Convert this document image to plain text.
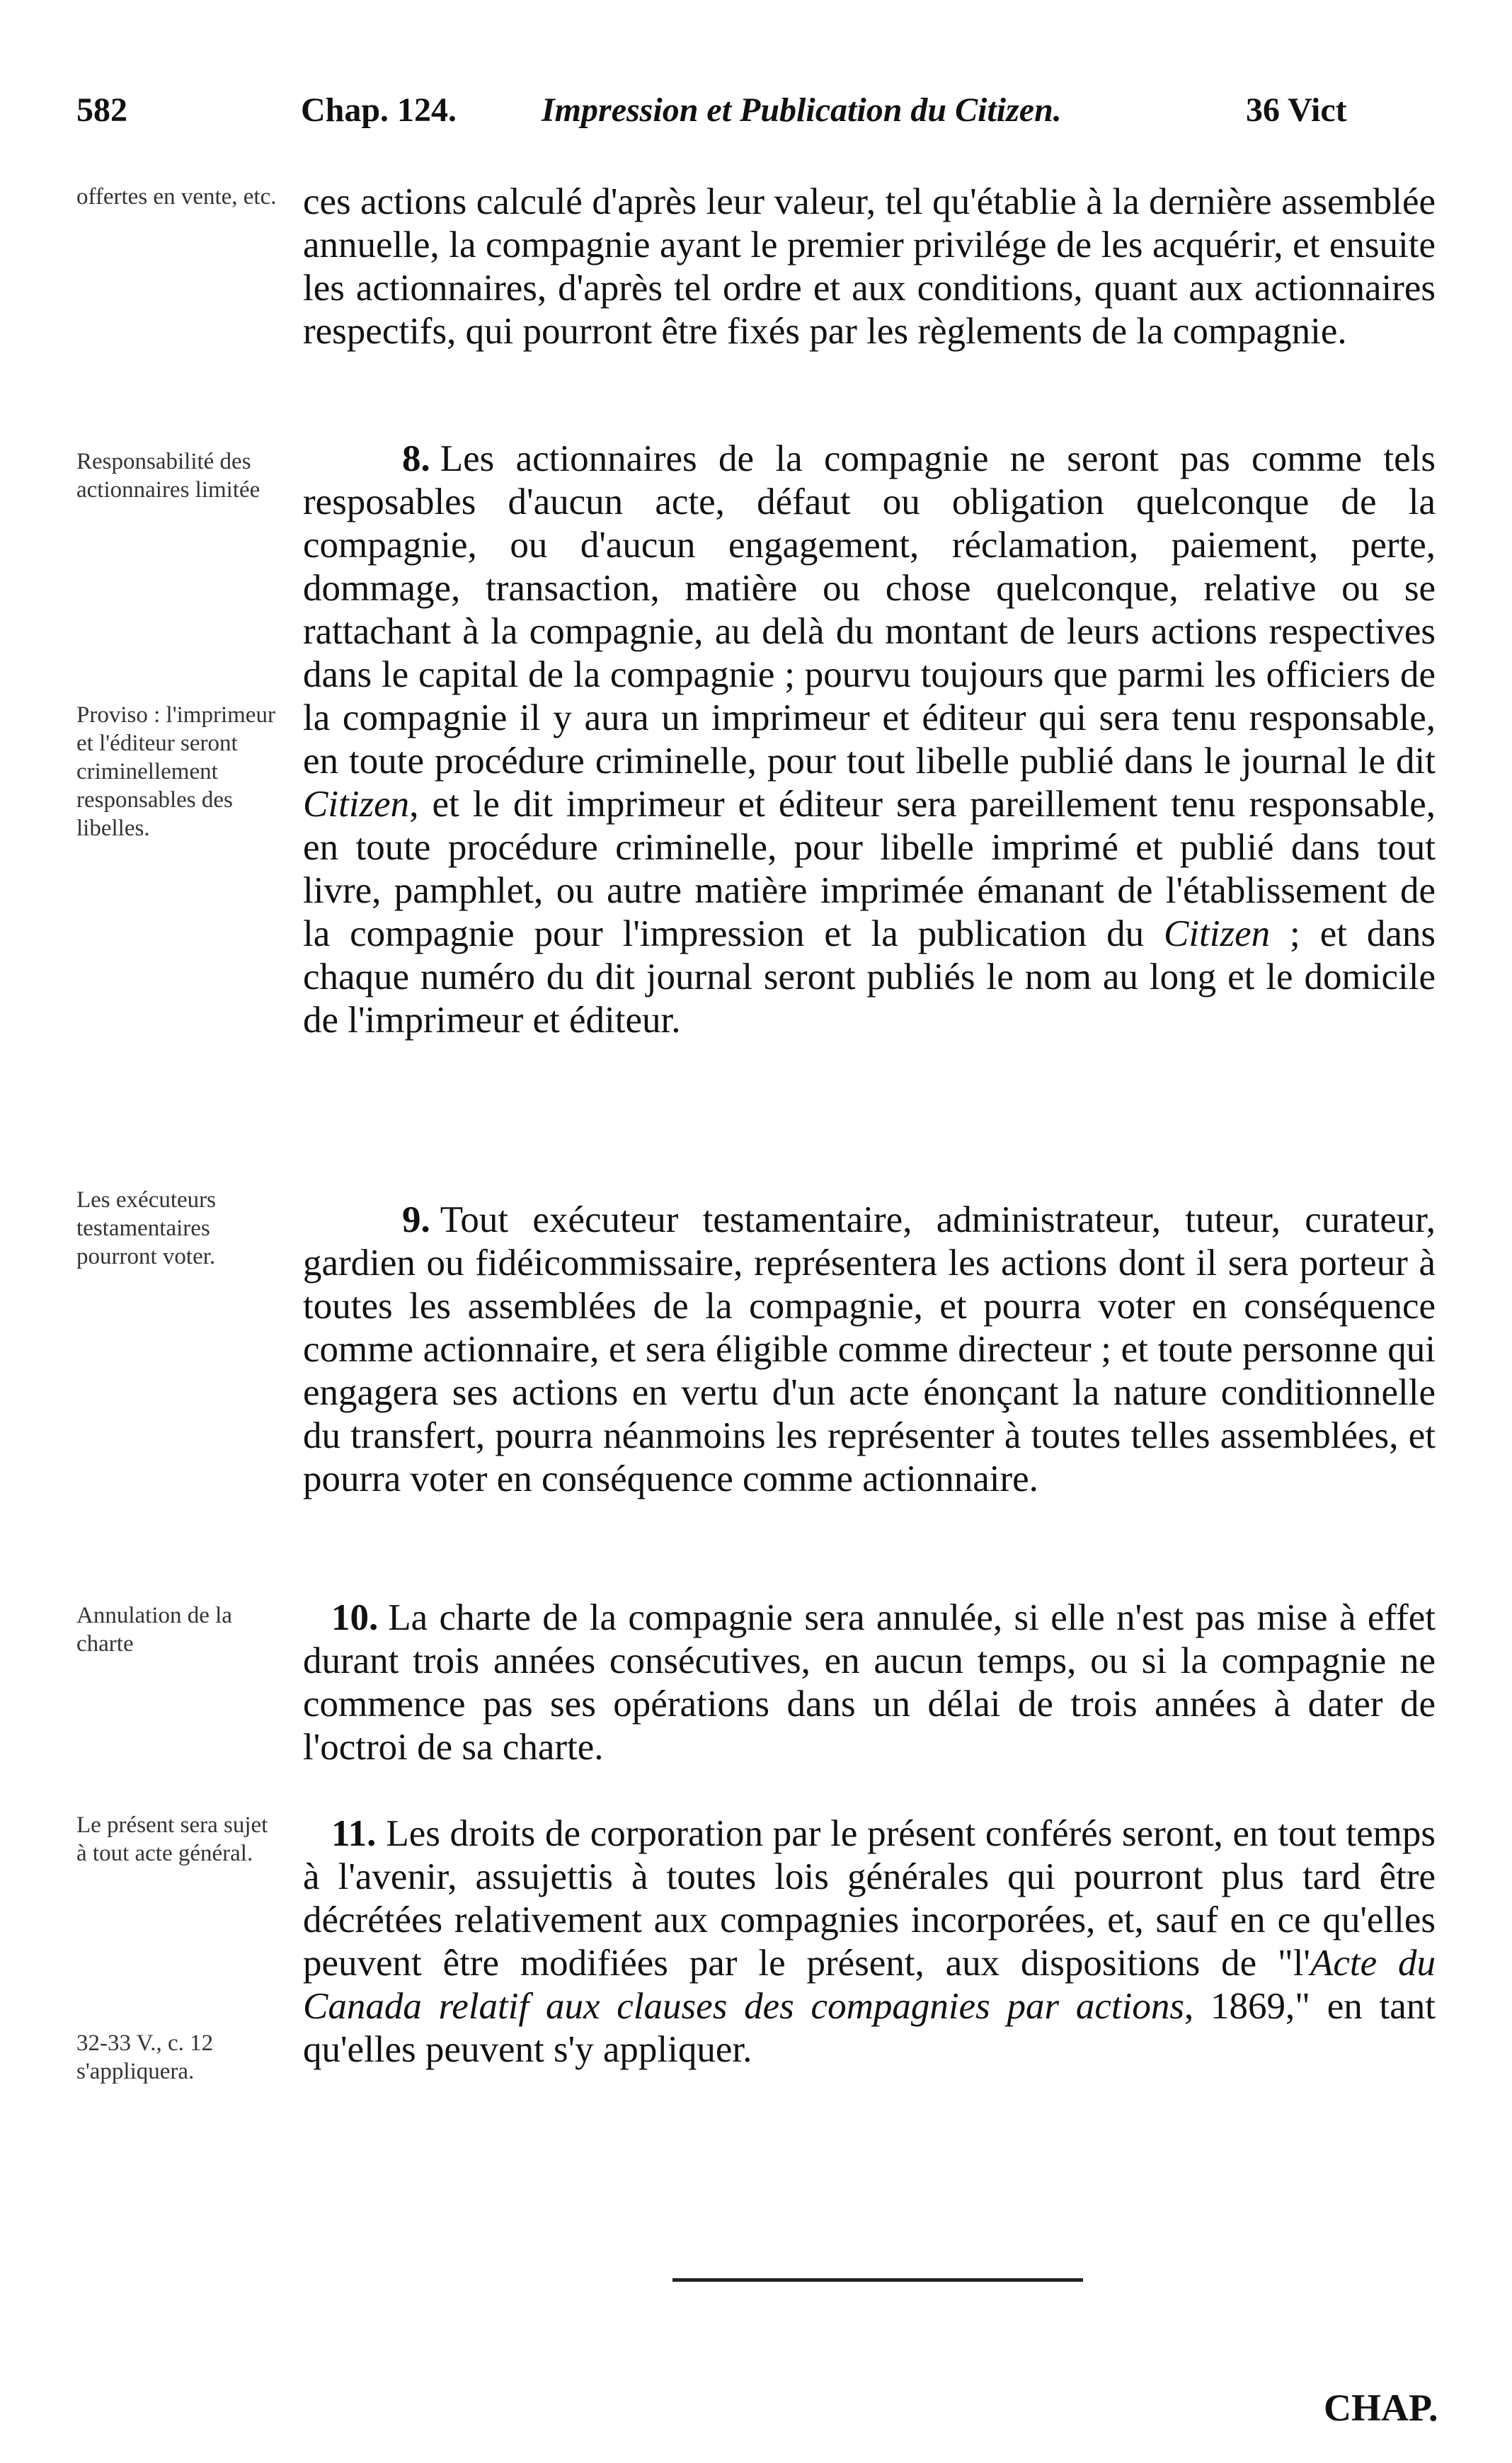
582	Chap. 124. Impression et Publication du Citizen.	36 Vict
offertes en vente, etc.
Responsabilité des actionnaires limitée
Proviso : l'imprimeur et l'éditeur seront criminellement responsables des libelles.
Les exécuteurs testamentaires pourront voter.
Annulation de la charte
Le présent sera sujet à tout acte général.
32-33 V., c. 12 s'appliquera.
ces actions calculé d'après leur valeur, tel qu'établie à la dernière assemblée annuelle, la compagnie ayant le premier privilége de les acquérir, et ensuite les actionnaires, d'après tel ordre et aux conditions, quant aux actionnaires respectifs, qui pourront être fixés par les règlements de la compagnie.
8. Les actionnaires de la compagnie ne seront pas comme tels resposables d'aucun acte, défaut ou obligation quelconque de la compagnie, ou d'aucun engagement, réclamation, paiement, perte, dommage, transaction, matière ou chose quelconque, relative ou se rattachant à la compagnie, au delà du montant de leurs actions respectives dans le capital de la compagnie ; pourvu toujours que parmi les officiers de la compagnie il y aura un imprimeur et éditeur qui sera tenu responsable, en toute procédure criminelle, pour tout libelle publié dans le journal le dit Citizen, et le dit imprimeur et éditeur sera pareillement tenu responsable, en toute procédure criminelle, pour libelle imprimé et publié dans tout livre, pamphlet, ou autre matière imprimée émanant de l'établissement de la compagnie pour l'impression et la publication du Citizen ; et dans chaque numéro du dit journal seront publiés le nom au long et le domicile de l'imprimeur et éditeur.
9. Tout exécuteur testamentaire, administrateur, tuteur, curateur, gardien ou fidéicommissaire, représentera les actions dont il sera porteur à toutes les assemblées de la compagnie, et pourra voter en conséquence comme actionnaire, et sera éligible comme directeur ; et toute personne qui engagera ses actions en vertu d'un acte énonçant la nature conditionnelle du transfert, pourra néanmoins les représenter à toutes telles assemblées, et pourra voter en conséquence comme actionnaire.
10. La charte de la compagnie sera annulée, si elle n'est pas mise à effet durant trois années consécutives, en aucun temps, ou si la compagnie ne commence pas ses opérations dans un délai de trois années à dater de l'octroi de sa charte.
11. Les droits de corporation par le présent conférés seront, en tout temps à l'avenir, assujettis à toutes lois générales qui pourront plus tard être décrétées relativement aux compagnies incorporées, et, sauf en ce qu'elles peuvent être modifiées par le présent, aux dispositions de "l'Acte du Canada relatif aux clauses des compagnies par actions, 1869," en tant qu'elles peuvent s'y appliquer.
CHAP.
